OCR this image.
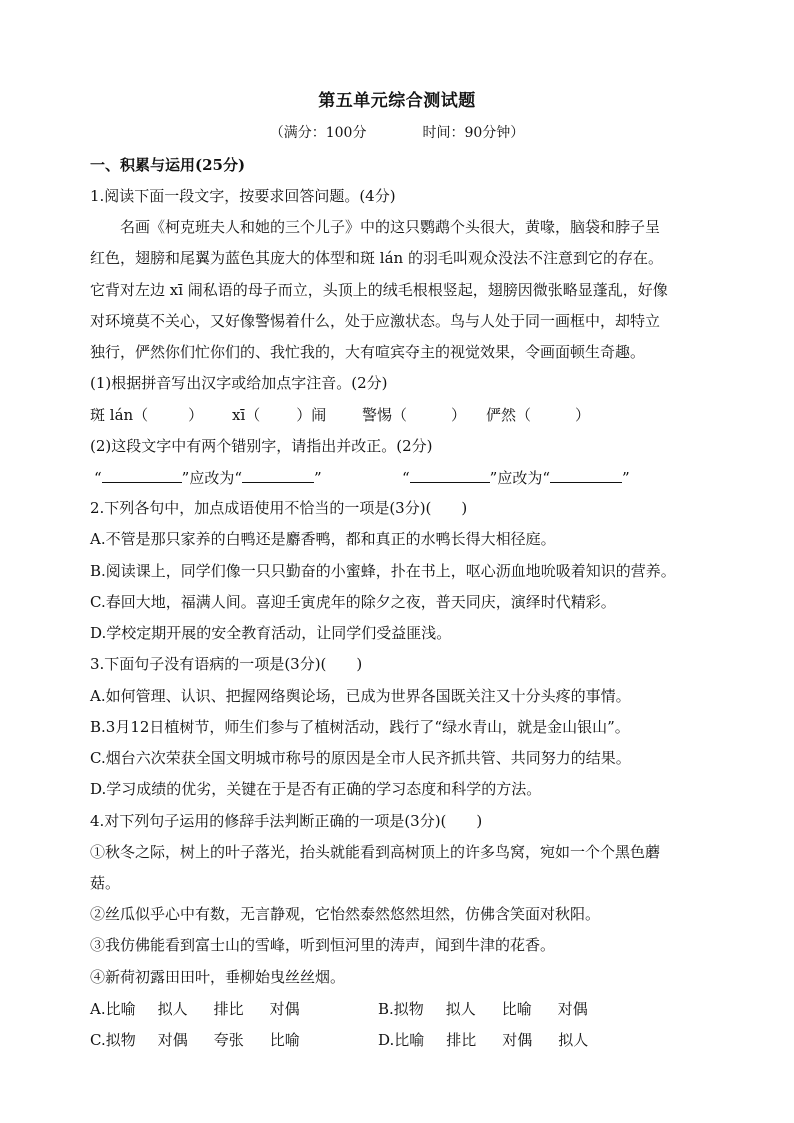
第五单元综合测试题
（满分：100分	时间：90分钟）
一、积累与运用(25分)
1.阅读下面一段文字，按要求回答问题。(4分)
名画《柯克班夫人和她的三个儿子》中的这只鹦鹉个头很大，黄喙，脑袋和脖子呈
红色，翅膀和尾翼为蓝色其庞大的体型和斑 lán 的羽毛叫观众没法不注意到它的存在。
它背对左边 xī 闹私语的母子而立，头顶上的绒毛根根竖起，翅膀因微张略显蓬乱，好像
对环境莫不关心，又好像警惕着什么，处于应激状态。鸟与人处于同一画框中，却特立
独行，俨然你们忙你们的、我忙我的，大有喧宾夺主的视觉效果，令画面顿生奇趣。
(1)根据拼音写出汉字或给加点字注音。(2分)
斑 lán（	） xī（ ）闹 警惕（	） 俨然（	）
(2)这段文字中有两个错别字，请指出并改正。(2分)
“	”应改为“	”	“	”应改为“	”
2.下列各句中，加点成语使用不恰当的一项是(3分)(　　)
A.不管是那只家养的白鸭还是麝香鸭，都和真正的水鸭长得大相径庭。
B.阅读课上，同学们像一只只勤奋的小蜜蜂，扑在书上，呕心沥血地吮吸着知识的营养。
C.春回大地，福满人间。喜迎壬寅虎年的除夕之夜，普天同庆，演绎时代精彩。
D.学校定期开展的安全教育活动，让同学们受益匪浅。
3.下面句子没有语病的一项是(3分)(　　)
A.如何管理、认识、把握网络舆论场，已成为世界各国既关注又十分头疼的事情。
B.3月12日植树节，师生们参与了植树活动，践行了“绿水青山，就是金山银山”。
C.烟台六次荣获全国文明城市称号的原因是全市人民齐抓共管、共同努力的结果。
D.学习成绩的优劣，关键在于是否有正确的学习态度和科学的方法。
4.对下列句子运用的修辞手法判断正确的一项是(3分)(　　)
①秋冬之际，树上的叶子落光，抬头就能看到高树顶上的许多鸟窝，宛如一个个黑色蘑
菇。
②丝瓜似乎心中有数，无言静观，它怡然泰然悠然坦然，仿佛含笑面对秋阳。
③我仿佛能看到富士山的雪峰，听到恒河里的涛声，闻到牛津的花香。
④新荷初露田田叶，垂柳始曳丝丝烟。
A.比喻 拟人 排比 对偶	B.拟物 拟人 比喻 对偶
C.拟物 对偶 夸张 比喻	D.比喻 排比 对偶 拟人
